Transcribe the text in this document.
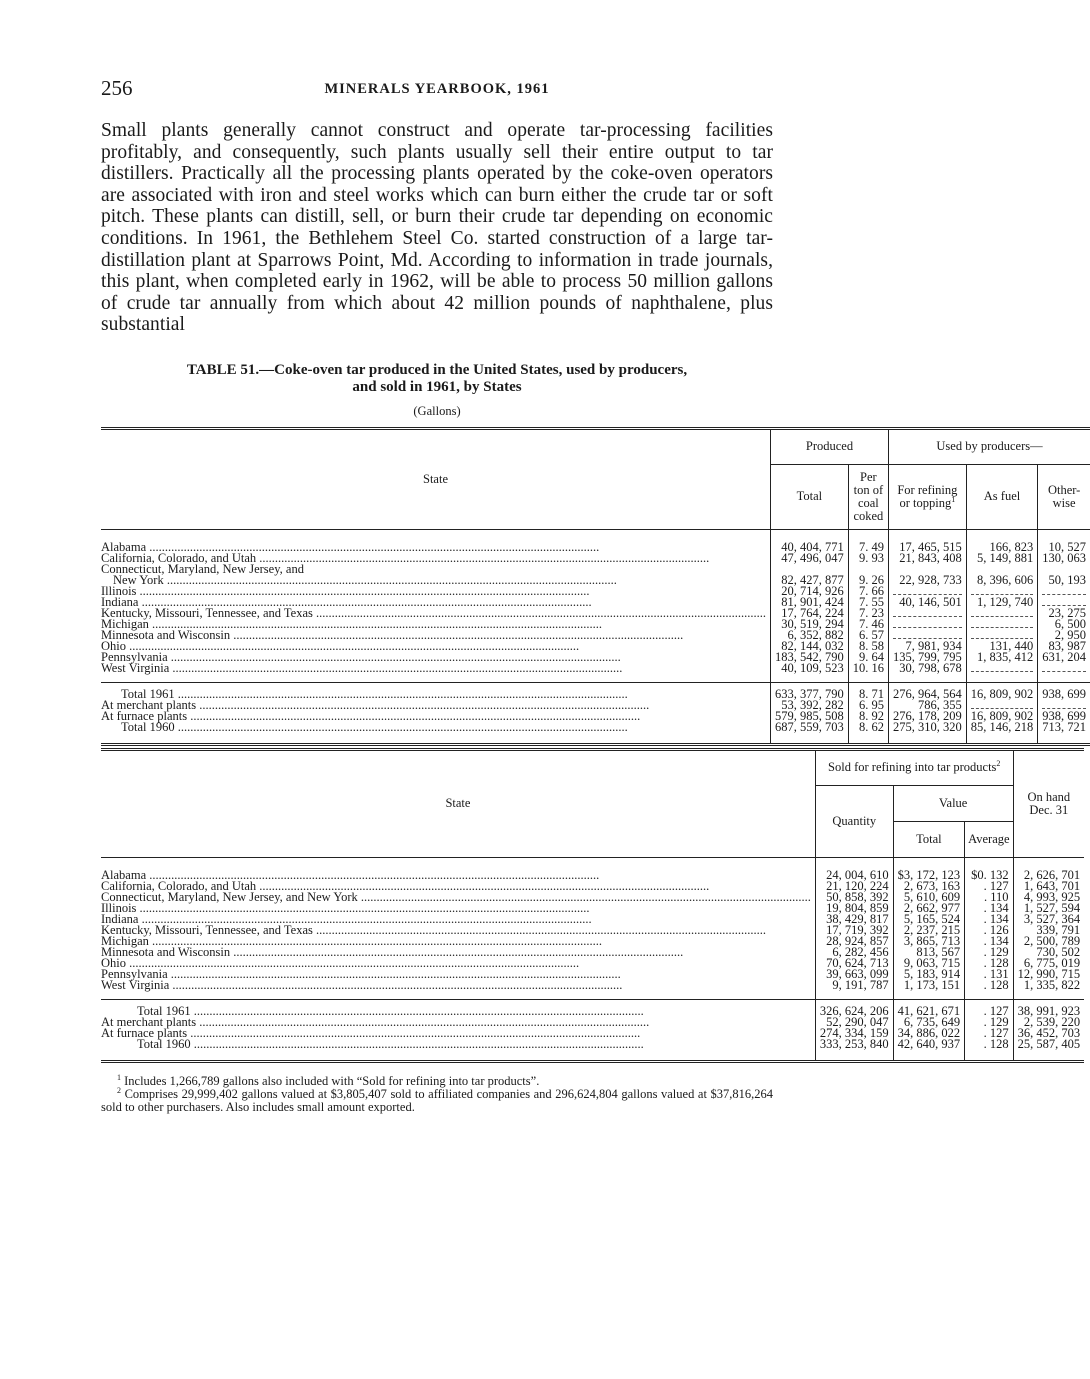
256	MINERALS YEARBOOK, 1961

Small plants generally cannot construct and operate tar-processing facilities profitably, and consequently, such plants usually sell their entire output to tar distillers. Practically all the processing plants operated by the coke-oven operators are associated with iron and steel works which can burn either the crude tar or soft pitch. These plants can distill, sell, or burn their crude tar depending on economic conditions. In 1961, the Bethlehem Steel Co. started construction of a large tar-distillation plant at Sparrows Point, Md. According to information in trade journals, this plant, when completed early in 1962, will be able to process 50 million gallons of crude tar annually from which about 42 million pounds of naphthalene, plus substantial

TABLE 51.—Coke-oven tar produced in the United States, used by producers,
and sold in 1961, by States
(Gallons)
State	Produced		Used by producers—		
	Total	Per ton of coal coked	For refining or topping$^1$	As fuel	Other-wise

Alabama .....	40, 404, 771	7. 49	17, 465, 515	166, 823	10, 527

California, Colorado, and Utah .....	47, 496, 047	9. 93	21, 843, 408	5, 149, 881	130, 063
Connecticut, Maryland, New Jersey, and					

New York .....	82, 427, 877	9. 26	22, 928, 733	8, 396, 606	50, 193

Illinois .....	20, 714, 926	7. 66			

Indiana .....	81, 901, 424	7. 55	40, 146, 501	1, 129, 740	

Kentucky, Missouri, Tennessee, and Texas .....	17, 764, 224	7. 23			23, 275

Michigan .....	30, 519, 294	7. 46			6, 500

Minnesota and Wisconsin .....	6, 352, 882	6. 57			2, 950

Ohio .....	82, 144, 032	8. 58	7, 981, 934	131, 440	83, 987

Pennsylvania .....	183, 542, 790	9. 64	135, 799, 795	1, 835, 412	631, 204

West Virginia .....	40, 109, 523	10. 16	30, 798, 678		

Total 1961 .....	633, 377, 790	8. 71	276, 964, 564	16, 809, 902	938, 699

At merchant plants .....	53, 392, 282	6. 95	786, 355		

At furnace plants .....	579, 985, 508	8. 92	276, 178, 209	16, 809, 902	938, 699

Total 1960 .....	687, 559, 703	8. 62	275, 310, 320	85, 146, 218	713, 721

State	Sold for refining into tar products$^2$			On hand Dec. 31
	Quantity	Value		
		Total	Average	

Alabama .....	24, 004, 610	$3, 172, 123	$0. 132	2, 626, 701

California, Colorado, and Utah .....	21, 120, 224	2, 673, 163	. 127	1, 643, 701

Connecticut, Maryland, New Jersey, and New York .....	50, 858, 392	5, 610, 609	. 110	4, 993, 925

Illinois .....	19, 804, 859	2, 662, 977	. 134	1, 527, 594

Indiana .....	38, 429, 817	5, 165, 524	. 134	3, 527, 364

Kentucky, Missouri, Tennessee, and Texas .....	17, 719, 392	2, 237, 215	. 126	339, 791

Michigan .....	28, 924, 857	3, 865, 713	. 134	2, 500, 789

Minnesota and Wisconsin .....	6, 282, 456	813, 567	. 129	730, 502

Ohio .....	70, 624, 713	9, 063, 715	. 128	6, 775, 019

Pennsylvania .....	39, 663, 099	5, 183, 914	. 131	12, 990, 715

West Virginia .....	9, 191, 787	1, 173, 151	. 128	1, 335, 822

Total 1961 .....	326, 624, 206	41, 621, 671	. 127	38, 991, 923

At merchant plants .....	52, 290, 047	6, 735, 649	. 129	2, 539, 220

At furnace plants .....	274, 334, 159	34, 886, 022	. 127	36, 452, 703

Total 1960 .....	333, 253, 840	42, 640, 937	. 128	25, 587, 405

$^1$ Includes 1,266,789 gallons also included with “Sold for refining into tar products”.

$^2$ Comprises 29,999,402 gallons valued at $3,805,407 sold to affiliated companies and 296,624,804 gallons valued at $37,816,264 sold to other purchasers. Also includes small amount exported.
